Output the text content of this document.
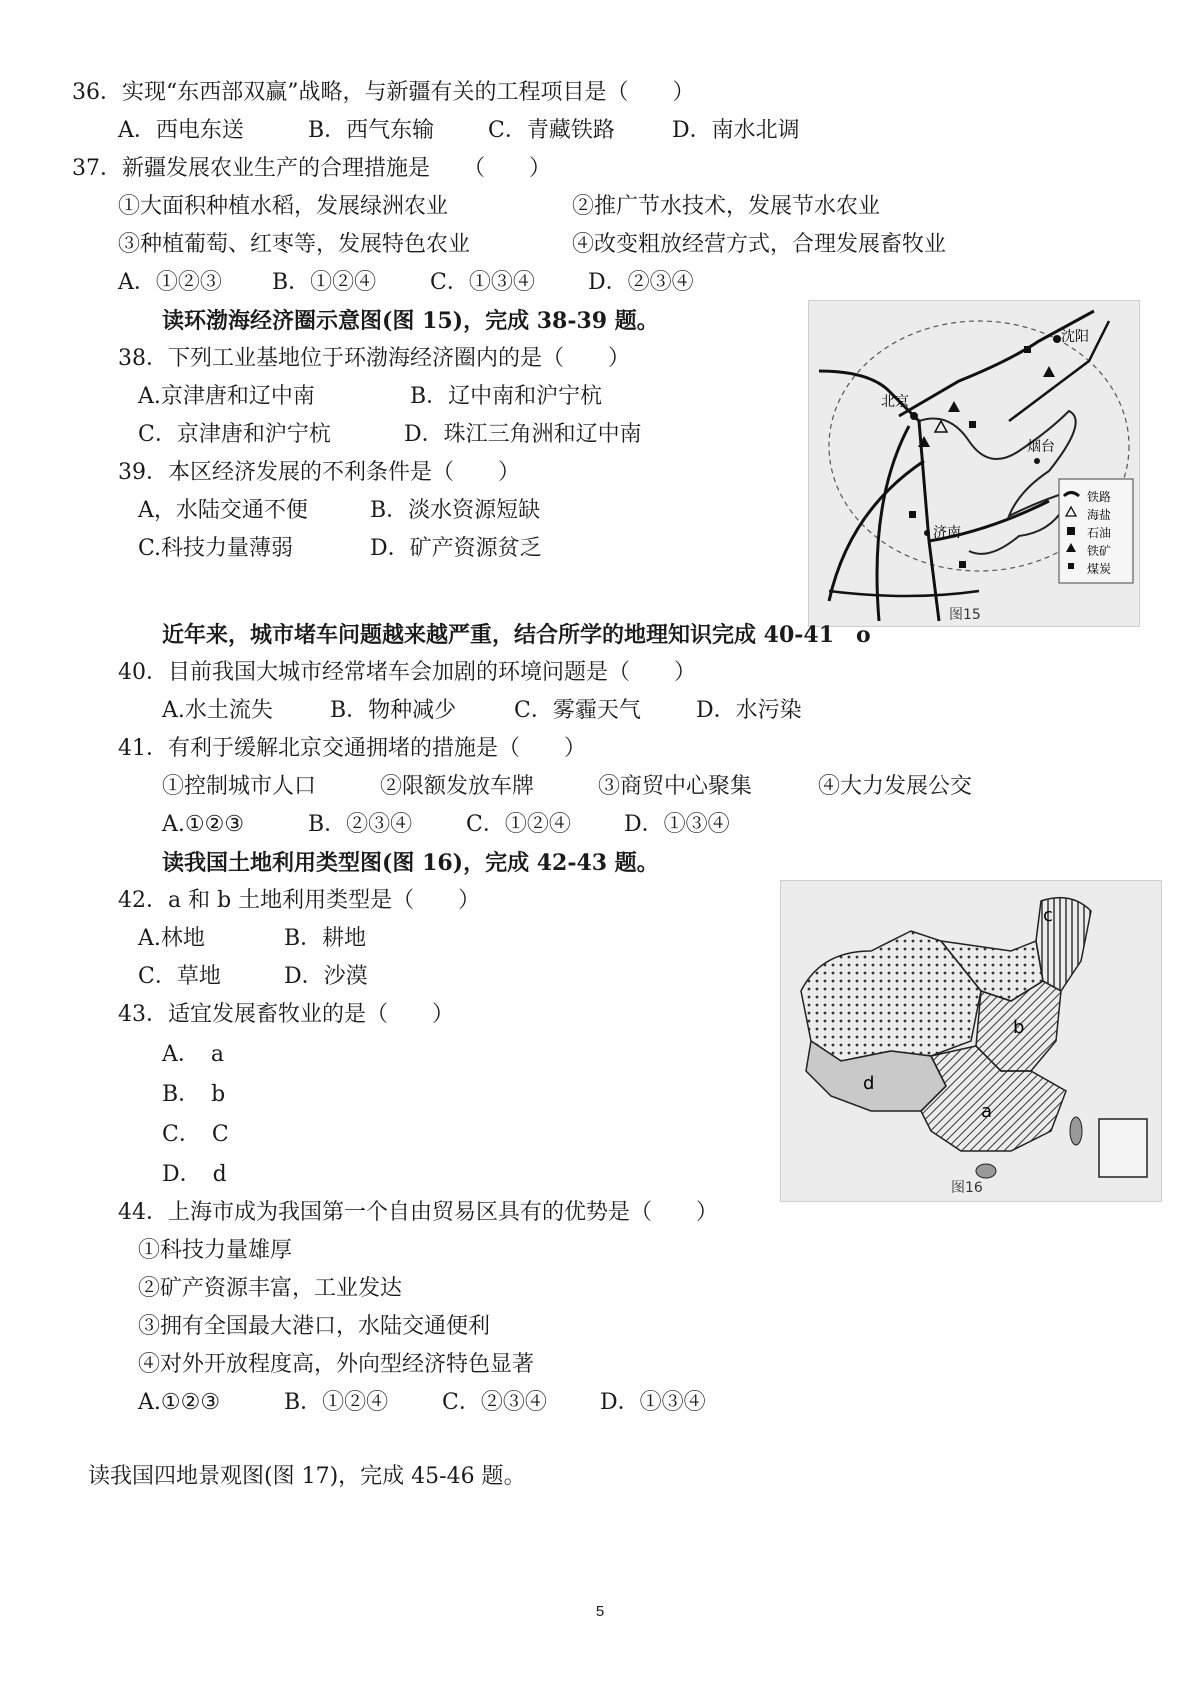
36．实现“东西部双赢”战略，与新疆有关的工程项目是（　　）
A．西电东送	B．西气东输 C．青藏铁路	D．南水北调
37．新疆发展农业生产的合理措施是　　（　　）
①大面积种植水稻，发展绿洲农业	②推广节水技术，发展节水农业
③种植葡萄、红枣等，发展特色农业	④改变粗放经营方式，合理发展畜牧业
A．①②③ B．①②④ C．①③④ D．②③④
读环渤海经济圈示意图(图 15)，完成 38-39 题。
38．下列工业基地位于环渤海经济圈内的是（　　）
A.京津唐和辽中南	B．辽中南和沪宁杭
C．京津唐和沪宁杭	D．珠江三角洲和辽中南
39．本区经济发展的不利条件是（　　）
A，水陆交通不便	B．淡水资源短缺
C.科技力量薄弱	D．矿产资源贫乏
北京
沈阳
烟台
济南
铁路
海盐
石油
铁矿
煤炭
图15
近年来，城市堵车问题越来越严重，结合所学的地理知识完成 40-41　o
40．目前我国大城市经常堵车会加剧的环境问题是（　　）
A.水土流失	B．物种减少	C．雾霾天气	D．水污染
41．有利于缓解北京交通拥堵的措施是（　　）
①控制城市人口	②限额发放车牌	③商贸中心聚集	④大力发展公交
A.①②③	B．②③④ C．①②④ D．①③④
读我国土地利用类型图(图 16)，完成 42-43 题。
42．a 和 b 土地利用类型是（　　）
A.林地	B．耕地
C．草地	D．沙漠
43．适宜发展畜牧业的是（　　）
A．　a
B．　b
C．　C
D．　d
c
b
a
d
图16
44．上海市成为我国第一个自由贸易区具有的优势是（　　）
①科技力量雄厚
②矿产资源丰富，工业发达
③拥有全国最大港口，水陆交通便利
④对外开放程度高，外向型经济特色显著
A.①②③	B．①②④ C．②③④ D．①③④
读我国四地景观图(图 17)，完成 45-46 题。
5
